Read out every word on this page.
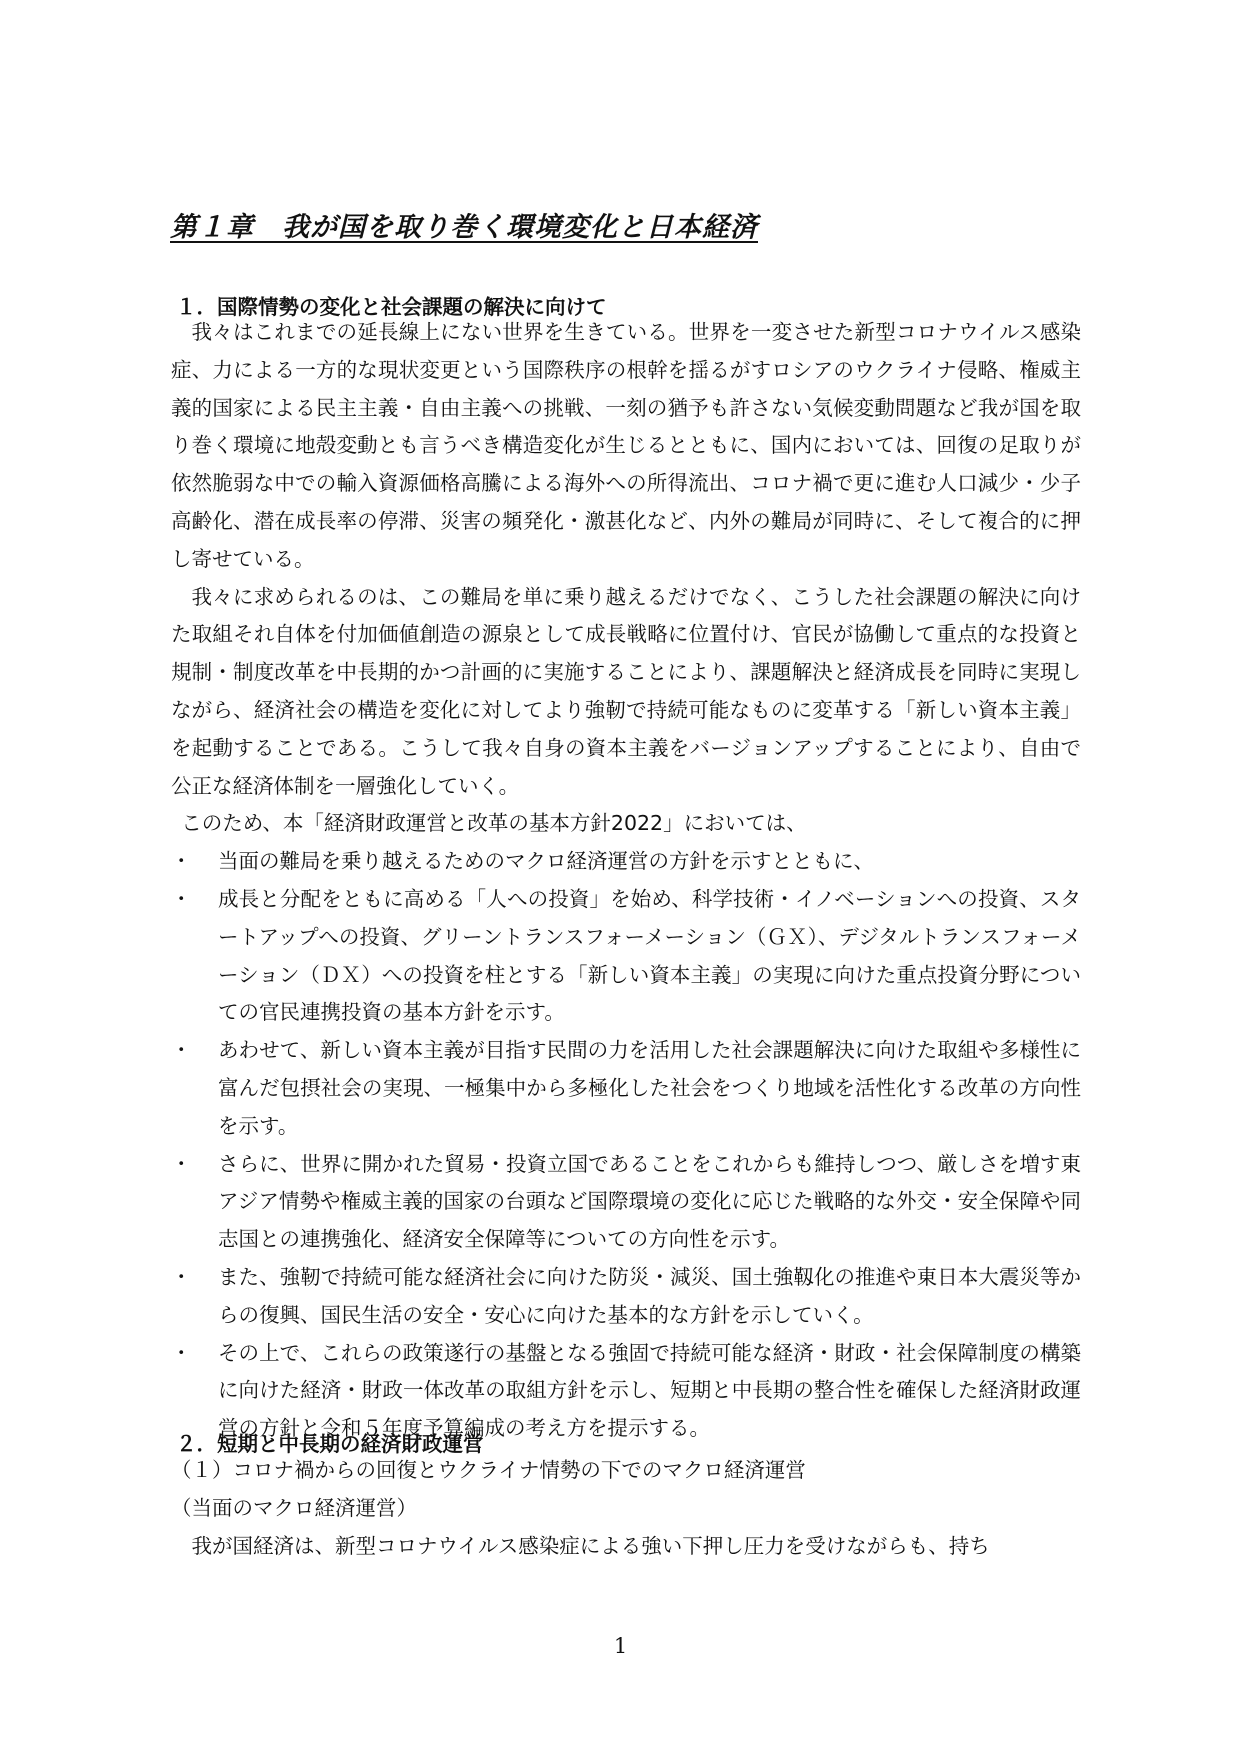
第１章　我が国を取り巻く環境変化と日本経済
１．国際情勢の変化と社会課題の解決に向けて

我々はこれまでの延長線上にない世界を生きている。世界を一変させた新型コロナウイルス感染症、力による一方的な現状変更という国際秩序の根幹を揺るがすロシアのウクライナ侵略、権威主義的国家による民主主義・自由主義への挑戦、一刻の猶予も許さない気候変動問題など我が国を取り巻く環境に地殻変動とも言うべき構造変化が生じるとともに、国内においては、回復の足取りが依然脆弱な中での輸入資源価格高騰による海外への所得流出、コロナ禍で更に進む人口減少・少子高齢化、潜在成長率の停滞、災害の頻発化・激甚化など、内外の難局が同時に、そして複合的に押し寄せている。

我々に求められるのは、この難局を単に乗り越えるだけでなく、こうした社会課題の解決に向けた取組それ自体を付加価値創造の源泉として成長戦略に位置付け、官民が協働して重点的な投資と規制・制度改革を中長期的かつ計画的に実施することにより、課題解決と経済成長を同時に実現しながら、経済社会の構造を変化に対してより強靭で持続可能なものに変革する「新しい資本主義」を起動することである。こうして我々自身の資本主義をバージョンアップすることにより、自由で公正な経済体制を一層強化していく。

このため、本「経済財政運営と改革の基本方針2022」においては、

・ 当面の難局を乗り越えるためのマクロ経済運営の方針を示すとともに、
・ 成長と分配をともに高める「人への投資」を始め、科学技術・イノベーションへの投資、スタートアップへの投資、グリーントランスフォーメーション（ＧＸ）、デジタルトランスフォーメーション（ＤＸ）への投資を柱とする「新しい資本主義」の実現に向けた重点投資分野についての官民連携投資の基本方針を示す。
・ あわせて、新しい資本主義が目指す民間の力を活用した社会課題解決に向けた取組や多様性に富んだ包摂社会の実現、一極集中から多極化した社会をつくり地域を活性化する改革の方向性を示す。
・ さらに、世界に開かれた貿易・投資立国であることをこれからも維持しつつ、厳しさを増す東アジア情勢や権威主義的国家の台頭など国際環境の変化に応じた戦略的な外交・安全保障や同志国との連携強化、経済安全保障等についての方向性を示す。
・ また、強靭で持続可能な経済社会に向けた防災・減災、国土強靱化の推進や東日本大震災等からの復興、国民生活の安全・安心に向けた基本的な方針を示していく。
・ その上で、これらの政策遂行の基盤となる強固で持続可能な経済・財政・社会保障制度の構築に向けた経済・財政一体改革の取組方針を示し、短期と中長期の整合性を確保した経済財政運営の方針と令和５年度予算編成の考え方を提示する。
２．短期と中長期の経済財政運営

（１）コロナ禍からの回復とウクライナ情勢の下でのマクロ経済運営

（当面のマクロ経済運営）

我が国経済は、新型コロナウイルス感染症による強い下押し圧力を受けながらも、持ち

1
